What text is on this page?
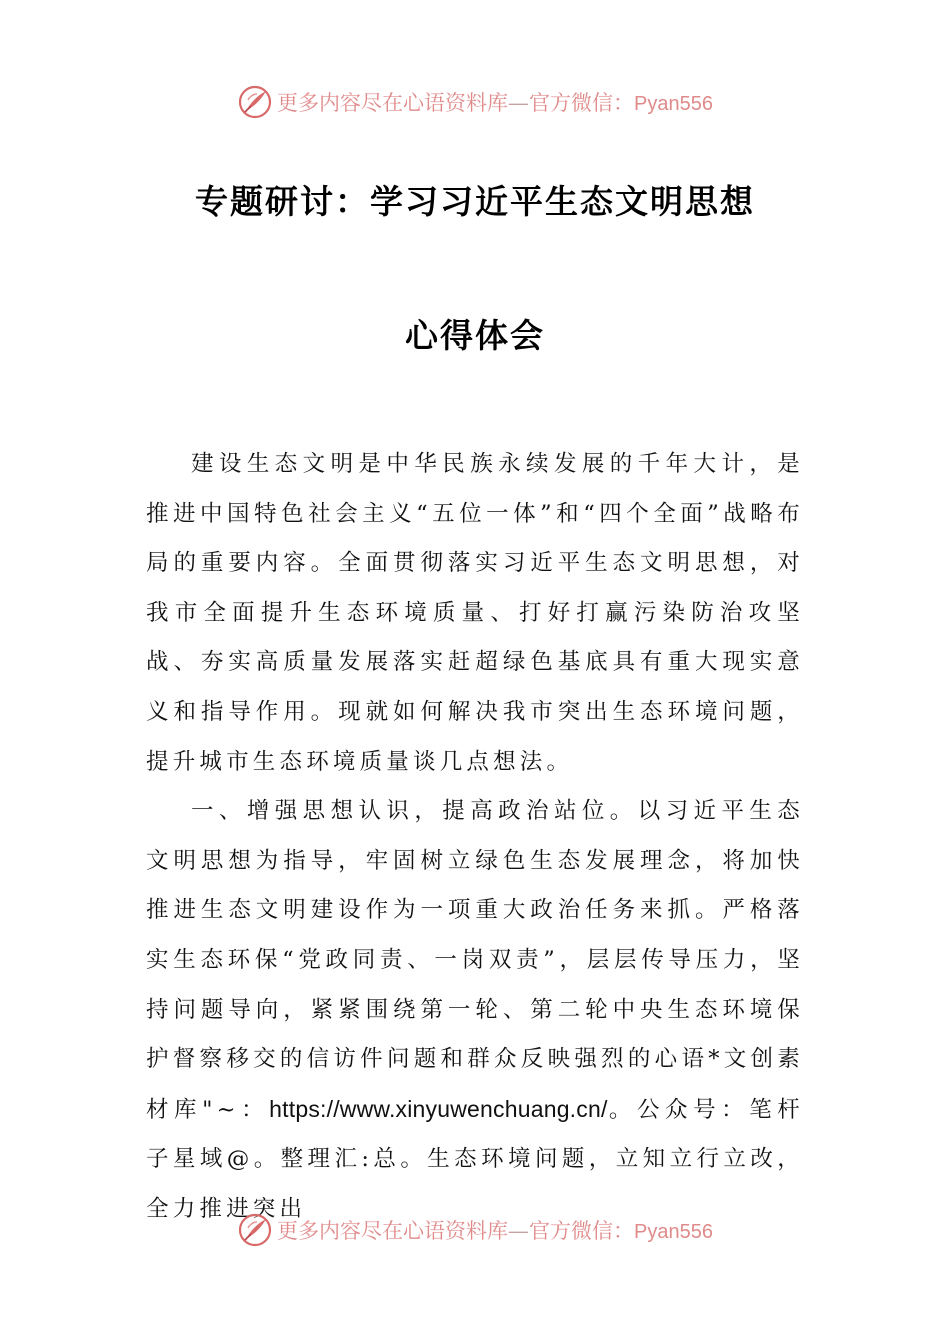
更多内容尽在心语资料库—官方微信：Pyan556
专题研讨：学习习近平生态文明思想
心得体会

建设生态文明是中华民族永续发展的千年大计，是推进中国特色社会主义“五位一体”和“四个全面”战略布局的重要内容。全面贯彻落实习近平生态文明思想，对我市全面提升生态环境质量、打好打赢污染防治攻坚战、夯实高质量发展落实赶超绿色基底具有重大现实意义和指导作用。现就如何解决我市突出生态环境问题，提升城市生态环境质量谈几点想法。

一、增强思想认识，提高政治站位。以习近平生态文明思想为指导，牢固树立绿色生态发展理念，将加快推进生态文明建设作为一项重大政治任务来抓。严格落实生态环保“党政同责、一岗双责”，层层传导压力，坚持问题导向，紧紧围绕第一轮、第二轮中央生态环境保护督察移交的信访件问题和群众反映强烈的心语*文创素材库"~：https://www.xinyuwenchuang.cn/。公众号：笔杆子星域@。整理汇:总。生态环境问题，立知立行立改，全力推进突出

更多内容尽在心语资料库—官方微信：Pyan556
